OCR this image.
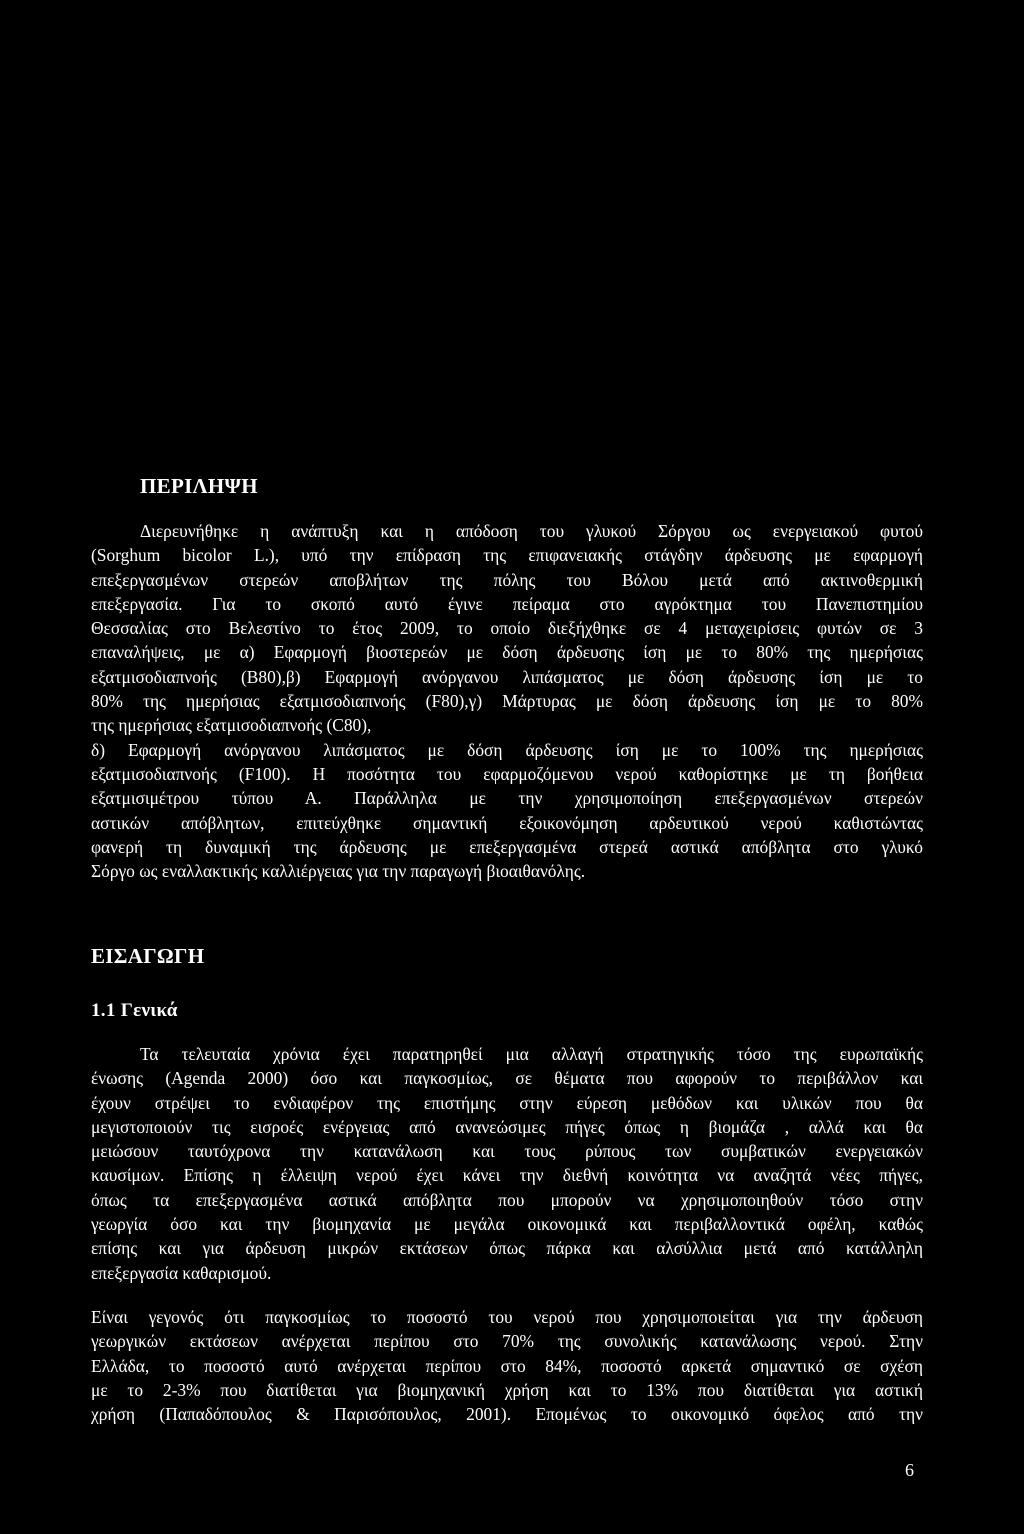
ΠΕΡΙΛΗΨΗ
Διερευνήθηκε η ανάπτυξη και η απόδοση του γλυκού Σόργου ως ενεργειακού φυτού
(Sorghum bicolor L.), υπό την επίδραση της επιφανειακής στάγδην άρδευσης με εφαρμογή
επεξεργασμένων στερεών αποβλήτων της πόλης του Βόλου μετά από ακτινοθερμική
επεξεργασία. Για το σκοπό αυτό έγινε πείραμα στο αγρόκτημα του Πανεπιστημίου
Θεσσαλίας στο Βελεστίνο το έτος 2009, το οποίο διεξήχθηκε σε 4 μεταχειρίσεις φυτών σε 3
επαναλήψεις, με α) Εφαρμογή βιοστερεών με δόση άρδευσης ίση με το 80% της ημερήσιας
εξατμισοδιαπνοής (Β80),β) Εφαρμογή ανόργανου λιπάσματος με δόση άρδευσης ίση με το
80% της ημερήσιας εξατμισοδιαπνοής (F80),γ) Μάρτυρας με δόση άρδευσης ίση με το 80%
της ημερήσιας εξατμισοδιαπνοής (C80),
δ) Εφαρμογή ανόργανου λιπάσματος με δόση άρδευσης ίση με το 100% της ημερήσιας
εξατμισοδιαπνοής (F100). Η ποσότητα του εφαρμοζόμενου νερού καθορίστηκε με τη βοήθεια
εξατμισιμέτρου τύπου Α. Παράλληλα με την χρησιμοποίηση επεξεργασμένων στερεών
αστικών απόβλητων, επιτεύχθηκε σημαντική εξοικονόμηση αρδευτικού νερού καθιστώντας
φανερή τη δυναμική της άρδευσης με επεξεργασμένα στερεά αστικά απόβλητα στο γλυκό
Σόργο ως εναλλακτικής καλλιέργειας για την παραγωγή βιοαιθανόλης.
ΕΙΣΑΓΩΓΗ
1.1 Γενικά
Τα τελευταία χρόνια έχει παρατηρηθεί μια αλλαγή στρατηγικής τόσο της ευρωπαϊκής
ένωσης (Agenda 2000) όσο και παγκοσμίως, σε θέματα που αφορούν το περιβάλλον και
έχουν στρέψει το ενδιαφέρον της επιστήμης στην εύρεση μεθόδων και υλικών που θα
μεγιστοποιούν τις εισροές ενέργειας από ανανεώσιμες πήγες όπως η βιομάζα , αλλά και θα
μειώσουν ταυτόχρονα την κατανάλωση και τους ρύπους των συμβατικών ενεργειακών
καυσίμων. Επίσης η έλλειψη νερού έχει κάνει την διεθνή κοινότητα να αναζητά νέες πήγες,
όπως τα επεξεργασμένα αστικά απόβλητα που μπορούν να χρησιμοποιηθούν τόσο στην
γεωργία όσο και την βιομηχανία με μεγάλα οικονομικά και περιβαλλοντικά οφέλη, καθώς
επίσης και για άρδευση μικρών εκτάσεων όπως πάρκα και αλσύλλια μετά από κατάλληλη
επεξεργασία καθαρισμού.
Είναι γεγονός ότι παγκοσμίως το ποσοστό του νερού που χρησιμοποιείται για την άρδευση
γεωργικών εκτάσεων ανέρχεται περίπου στο 70% της συνολικής κατανάλωσης νερού. Στην
Ελλάδα, το ποσοστό αυτό ανέρχεται περίπου στο 84%, ποσοστό αρκετά σημαντικό σε σχέση
με το 2-3% που διατίθεται για βιομηχανική χρήση και το 13% που διατίθεται για αστική
χρήση (Παπαδόπουλος & Παρισόπουλος, 2001). Επομένως το οικονομικό όφελος από την

6
